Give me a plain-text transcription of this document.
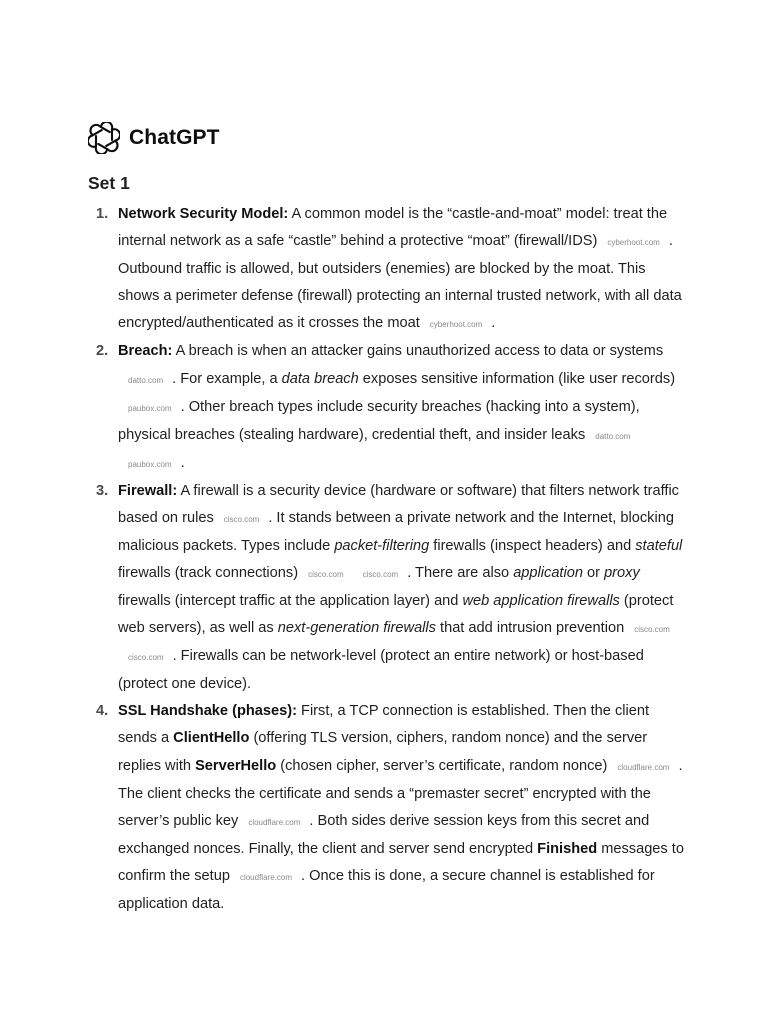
ChatGPT
Set 1
1. Network Security Model: A common model is the “castle-and-moat” model: treat the internal network as a safe “castle” behind a protective “moat” (firewall/IDS) cyberhoot.com . Outbound traffic is allowed, but outsiders (enemies) are blocked by the moat. This shows a perimeter defense (firewall) protecting an internal trusted network, with all data encrypted/authenticated as it crosses the moat cyberhoot.com .
2. Breach: A breach is when an attacker gains unauthorized access to data or systemsdatto.com . For example, a data breach exposes sensitive information (like user records)paubox.com . Other breach types include security breaches (hacking into a system), physical breaches (stealing hardware), credential theft, and insider leaks datto.compaubox.com .
3. Firewall: A firewall is a security device (hardware or software) that filters network traffic based on rules cisco.com . It stands between a private network and the Internet, blocking malicious packets. Types include packet-filtering firewalls (inspect headers) and stateful firewalls (track connections) cisco.com cisco.com . There are also application or proxy firewalls (intercept traffic at the application layer) and web application firewalls (protect web servers), as well as next-generation firewalls that add intrusion prevention cisco.comcisco.com . Firewalls can be network-level (protect an entire network) or host-based (protect one device).
4. SSL Handshake (phases): First, a TCP connection is established. Then the client sends a ClientHello (offering TLS version, ciphers, random nonce) and the server replies with ServerHello (chosen cipher, server’s certificate, random nonce) cloudflare.com . The client checks the certificate and sends a “premaster secret” encrypted with the server’s public key cloudflare.com . Both sides derive session keys from this secret and exchanged nonces. Finally, the client and server send encrypted Finished messages to confirm the setup cloudflare.com . Once this is done, a secure channel is established for application data.
